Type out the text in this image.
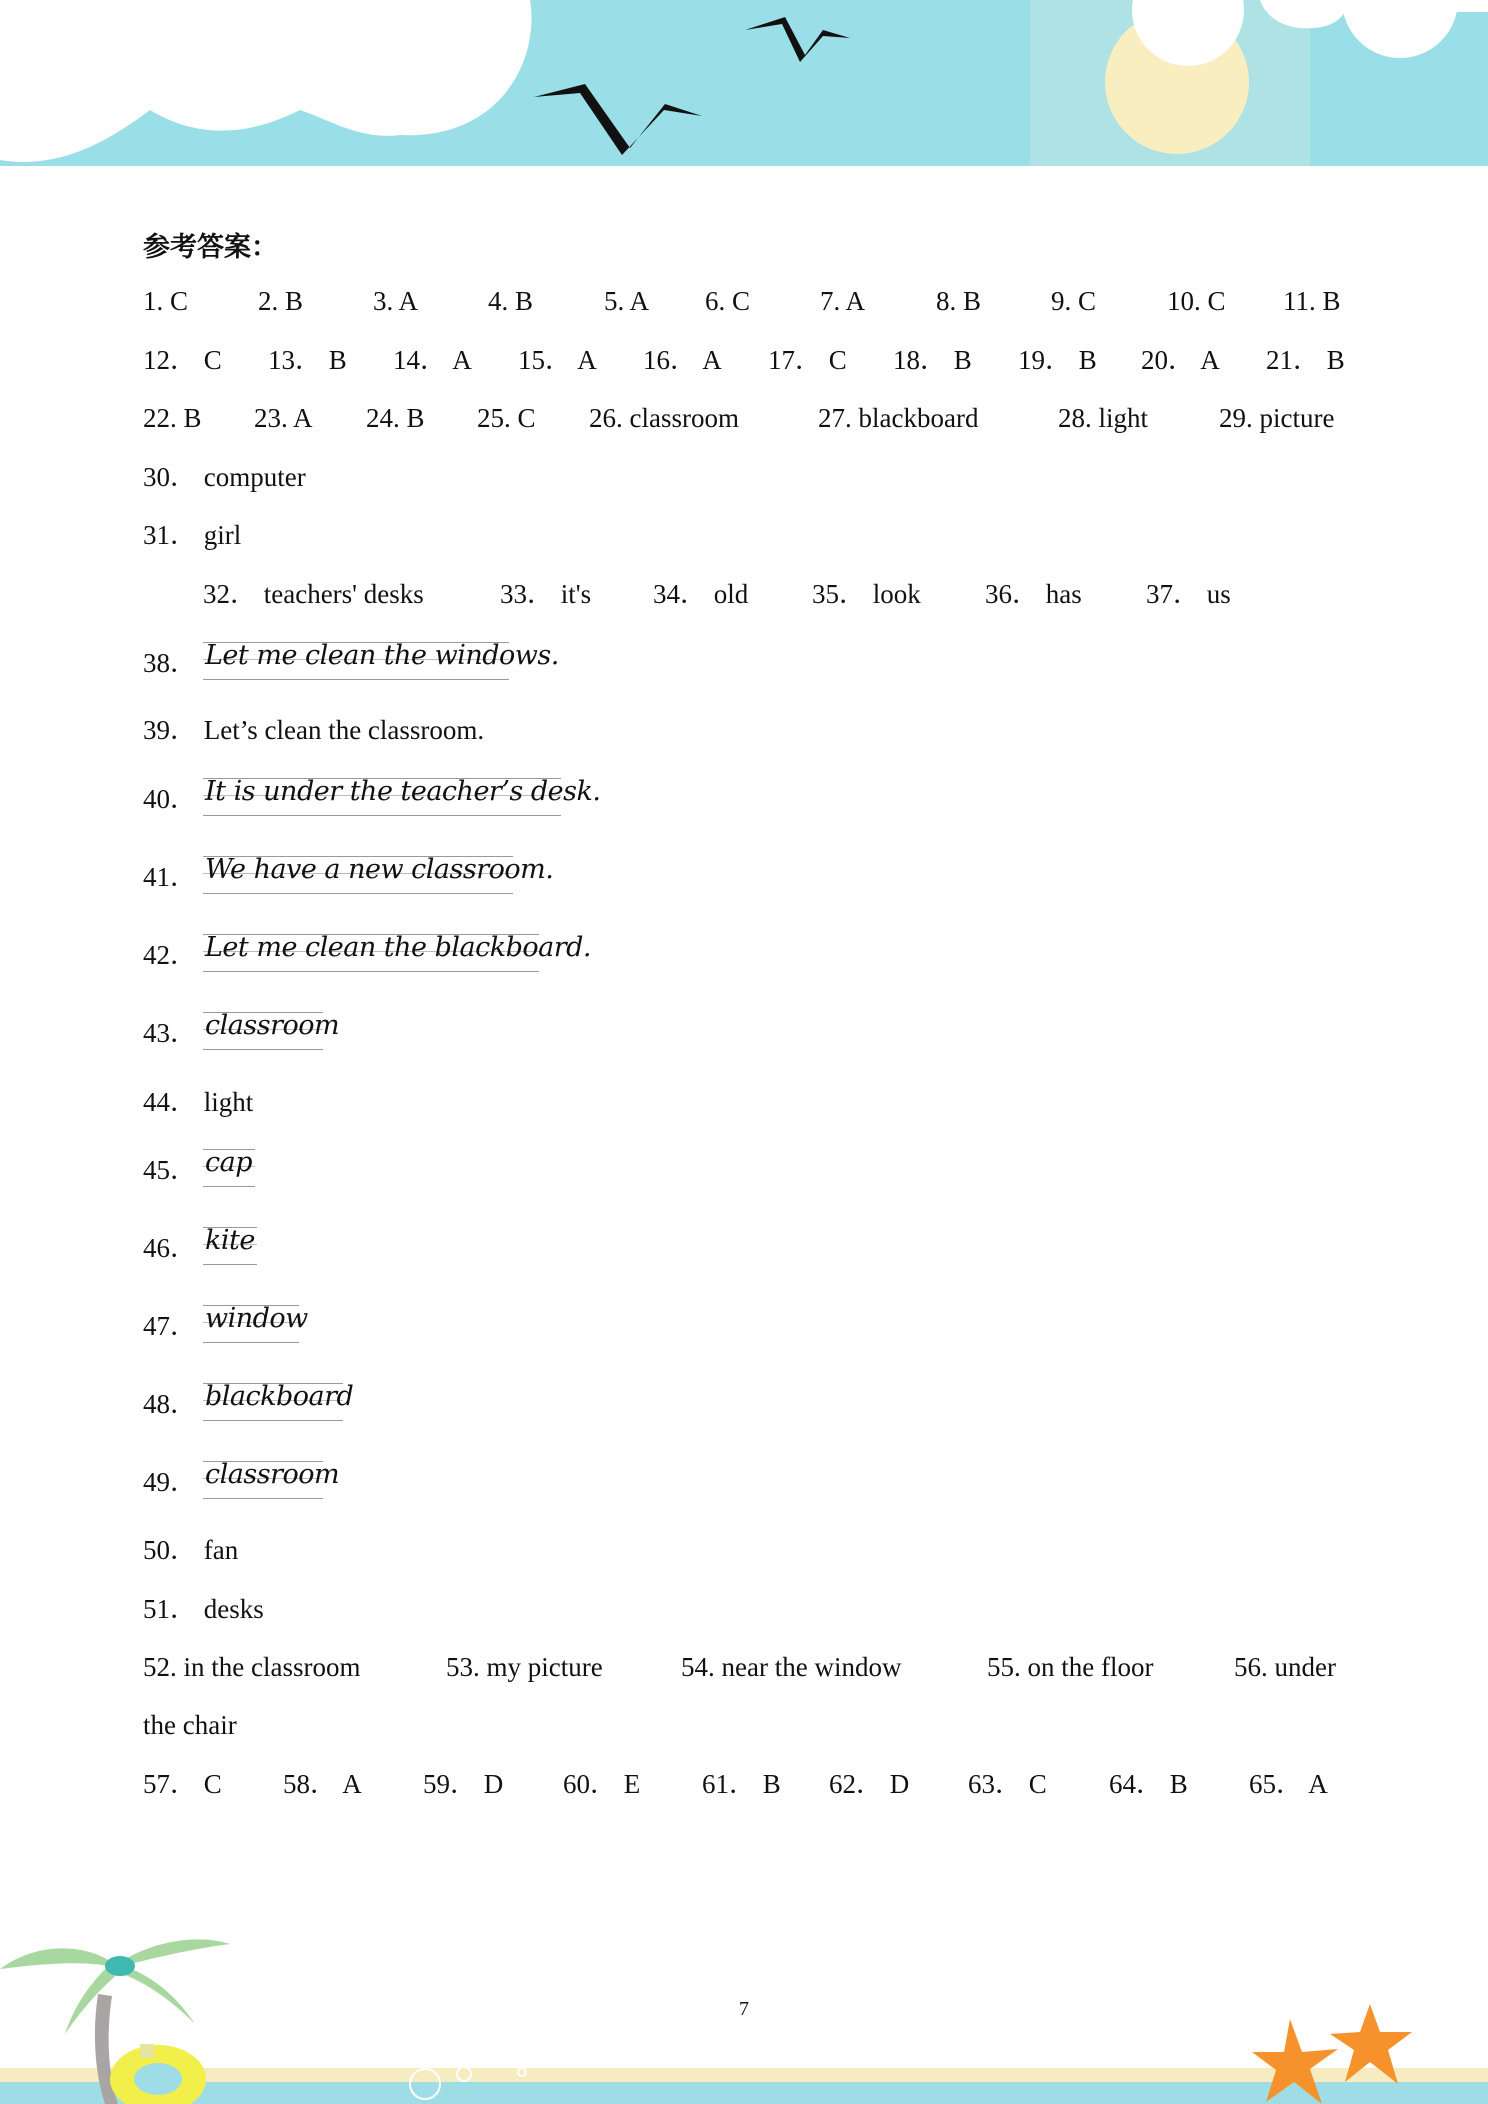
参考答案：
1. C	2. B	3. A	4. B	5. A 6. C	7. A	8. B	9. C	10. C 11. B
12． C 13． B 14． A 15． A 16． A 17． C 18． B 19． B 20． A 21． B
22. B 23. A 24. B 25. C 26. classroom	27. blackboard	28. light	29. picture
30． computer
31． girl
32． teachers' desks	33． it's 34． old 35． look 36． has 37． us
38． Let me clean the windows.
39． Let’s clean the classroom.
40． It is under the teacher’s desk.
41． We have a new classroom.
42． Let me clean the blackboard.
43． classroom
44． light
45． cap
46． kite
47． window
48． blackboard
49． classroom
50． fan
51． desks
52. in the classroom	53. my picture	54. near the window	55. on the floor	56. under
the chair
57． C 58． A 59． D 60． E 61． B 62． D 63． C 64． B 65． A
7
